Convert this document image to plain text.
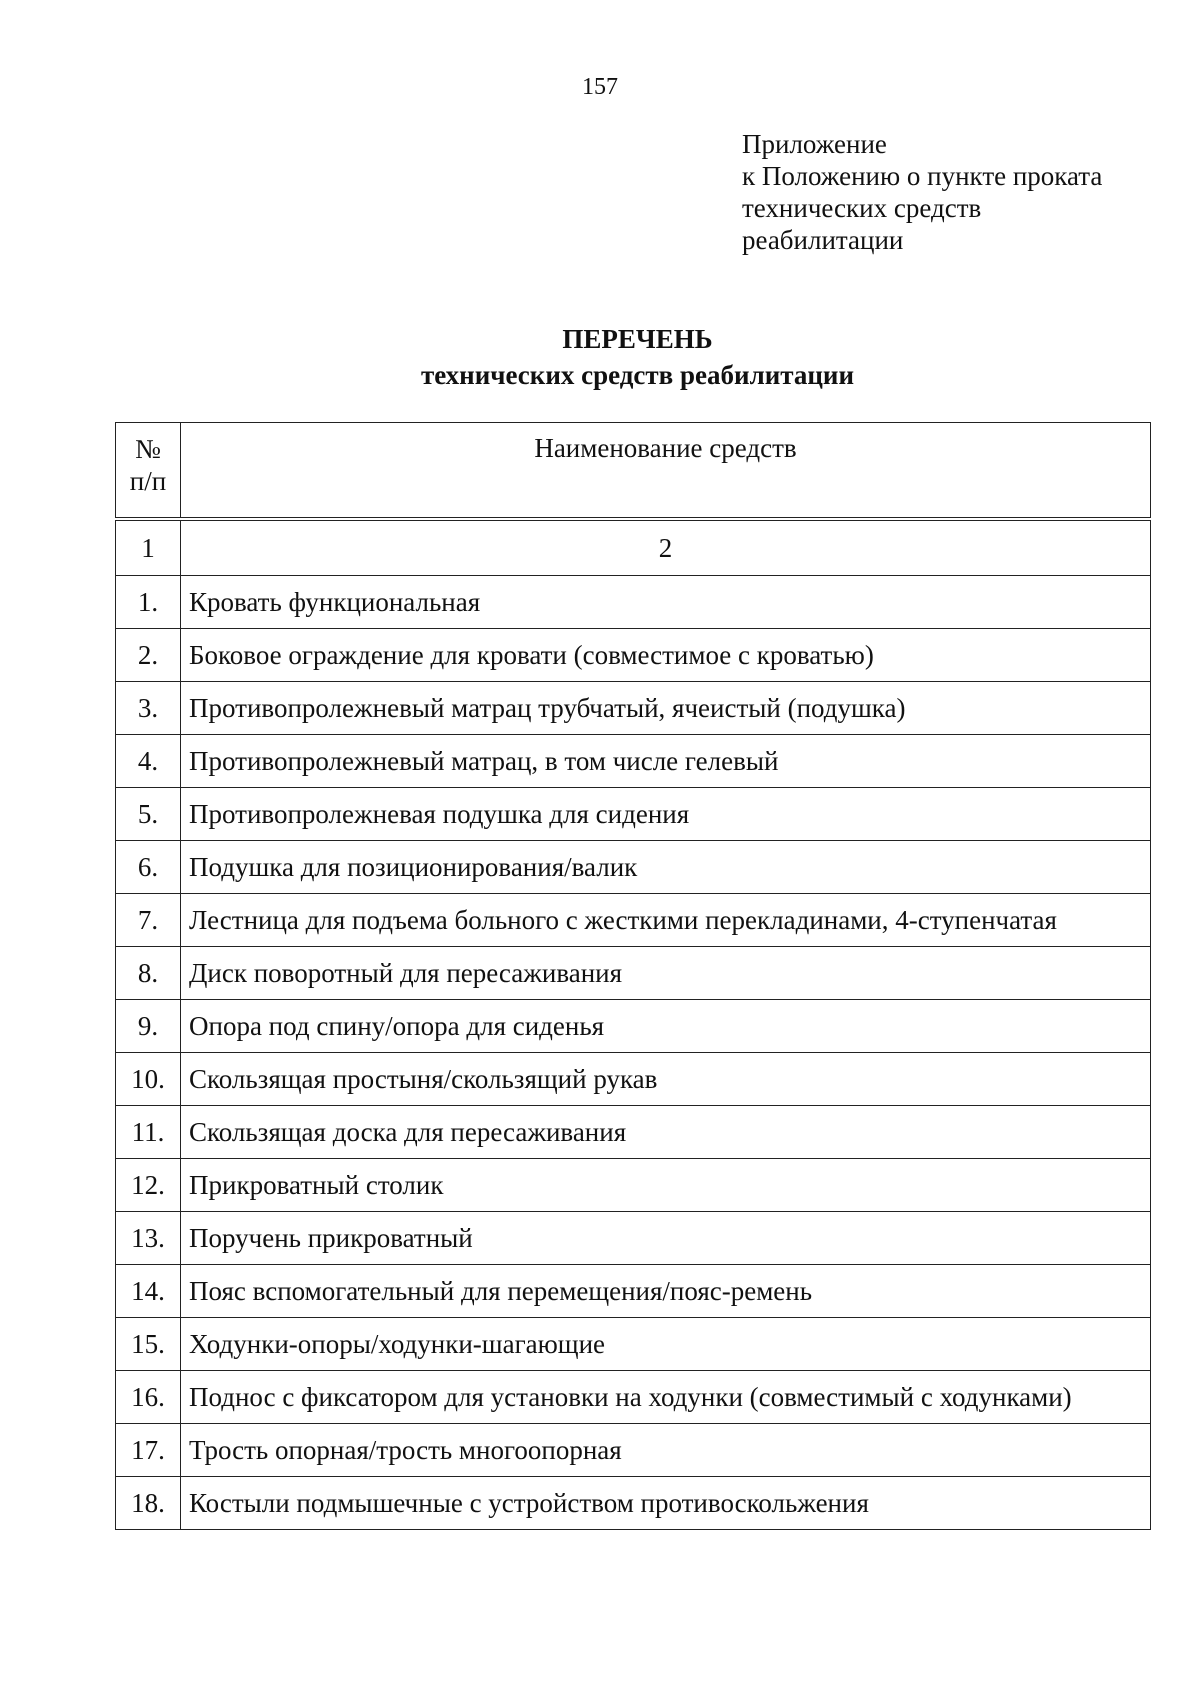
157
Приложение
к Положению о пункте проката
технических средств
реабилитации
ПЕРЕЧЕНЬ
технических средств реабилитации
№
п/п	Наименование средств
1	2
1.	Кровать функциональная
2.	Боковое ограждение для кровати (совместимое с кроватью)
3.	Противопролежневый матрац трубчатый, ячеистый (подушка)
4.	Противопролежневый матрац, в том числе гелевый
5.	Противопролежневая подушка для сидения
6.	Подушка для позиционирования/валик
7.	Лестница для подъема больного с жесткими перекладинами, 4-ступенчатая
8.	Диск поворотный для пересаживания
9.	Опора под спину/опора для сиденья
10.	Скользящая простыня/скользящий рукав
11.	Скользящая доска для пересаживания
12.	Прикроватный столик
13.	Поручень прикроватный
14.	Пояс вспомогательный для перемещения/пояс-ремень
15.	Ходунки-опоры/ходунки-шагающие
16.	Поднос с фиксатором для установки на ходунки (совместимый с ходунками)
17.	Трость опорная/трость многоопорная
18.	Костыли подмышечные с устройством противоскольжения
